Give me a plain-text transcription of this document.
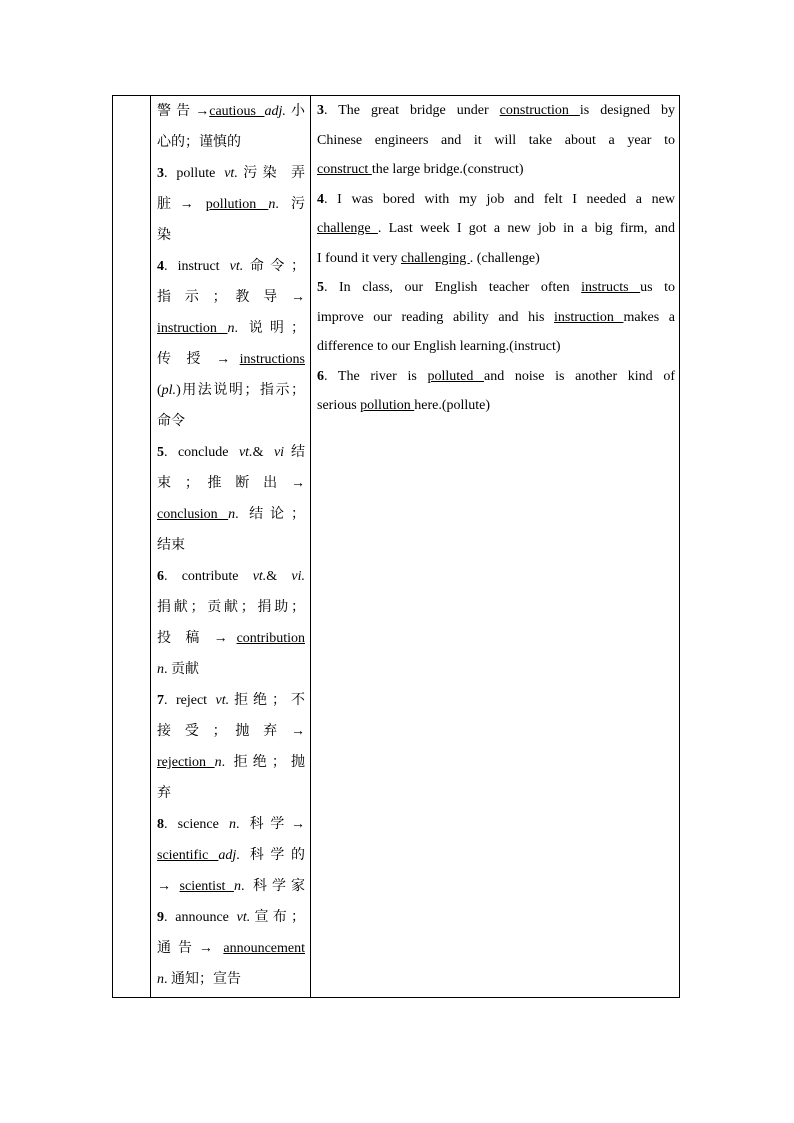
警告→cautious adj.小
心的；谨慎的

3. pollute vt.污染 弄
脏→ pollution n. 污
染

4. instruct vt.命令；
指 示 ； 教 导 →
instruction n. 说明；
传 授 → instructions
(pl.)用法说明；指示；
命令

5. conclude vt.& vi结
束 ； 推 断 出 →
conclusion n. 结论；
结束

6. contribute vt.& vi.
捐献；贡献；捐助；
投 稿 → contribution
n. 贡献

7. reject vt.拒绝；不
接 受 ； 抛 弃 →
rejection n. 拒绝；抛
弃

8. science n. 科学→
scientific adj. 科学的
→ scientist n. 科学家

9. announce vt.宣布；
通告→ announcement
n. 通知；宣告

3. The great bridge under construction is designed by
Chinese engineers and it will take about a year to
construct the large bridge.(construct)

4. I was bored with my job and felt I needed a new
challenge . Last week I got a new job in a big firm, and
I found it very challenging . (challenge)

5. In class, our English teacher often instructs us to
improve our reading ability and his instruction makes a
difference to our English learning.(instruct)

6. The river is polluted and noise is another kind of
serious pollution here.(pollute)
